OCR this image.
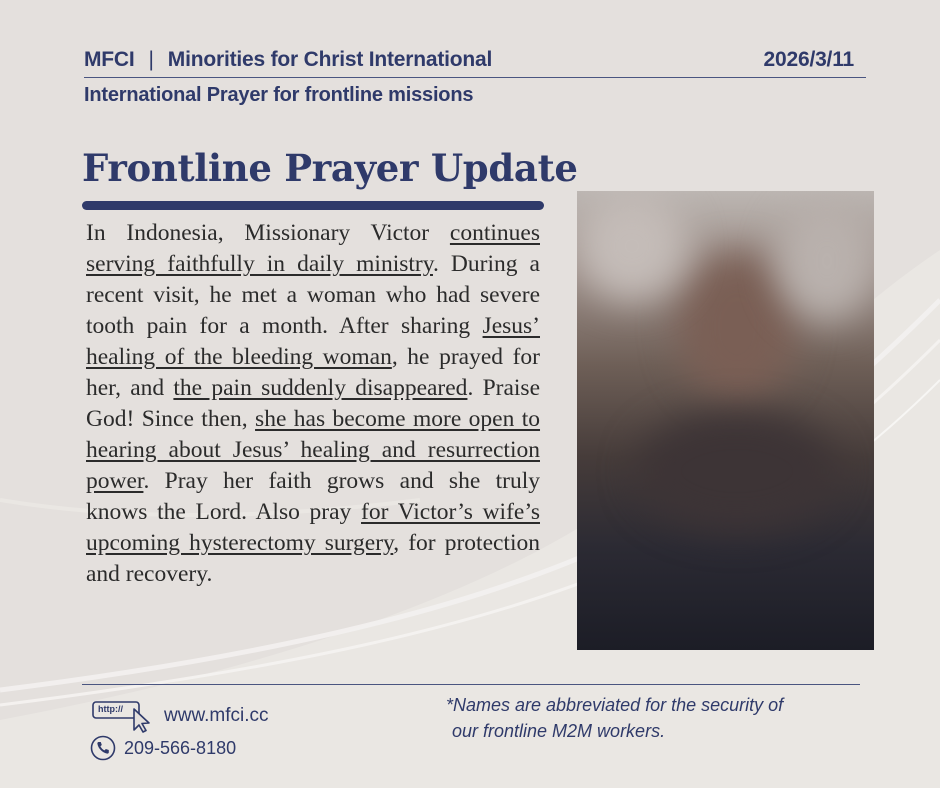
MFCI | Minorities for Christ International	2026/3/11
International Prayer for frontline missions
Frontline Prayer Update

In Indonesia, Missionary Victor continues serving faithfully in daily ministry. During a recent visit, he met a woman who had severe tooth pain for a month. After sharing Jesus’ healing of the bleeding woman, he prayed for her, and the pain suddenly disappeared. Praise God! Since then, she has become more open to hearing about Jesus’ healing and resurrection power. Pray her faith grows and she truly knows the Lord. Also pray for Victor’s wife’s upcoming hysterectomy surgery, for protection and recovery.

http:// www.mfci.cc
209-566-8180

*Names are abbreviated for the security of
our frontline M2M workers.
